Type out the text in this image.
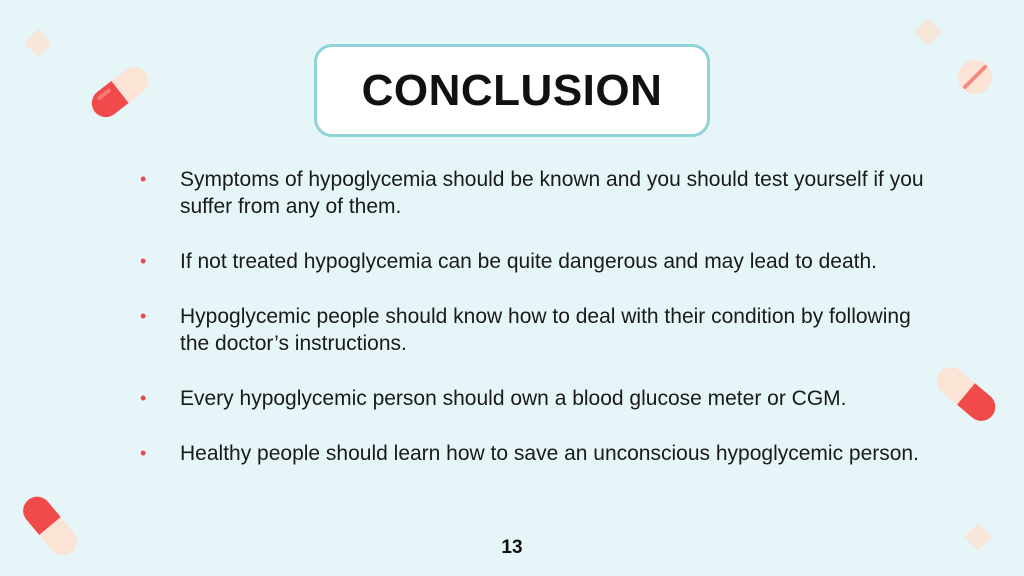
CONCLUSION
• Symptoms of hypoglycemia should be known and you should test yourself if you suffer from any of them.
• If not treated hypoglycemia can be quite dangerous and may lead to death.
• Hypoglycemic people should know how to deal with their condition by following the doctor’s instructions.
• Every hypoglycemic person should own a blood glucose meter or CGM.
• Healthy people should learn how to save an unconscious hypoglycemic person.
13
